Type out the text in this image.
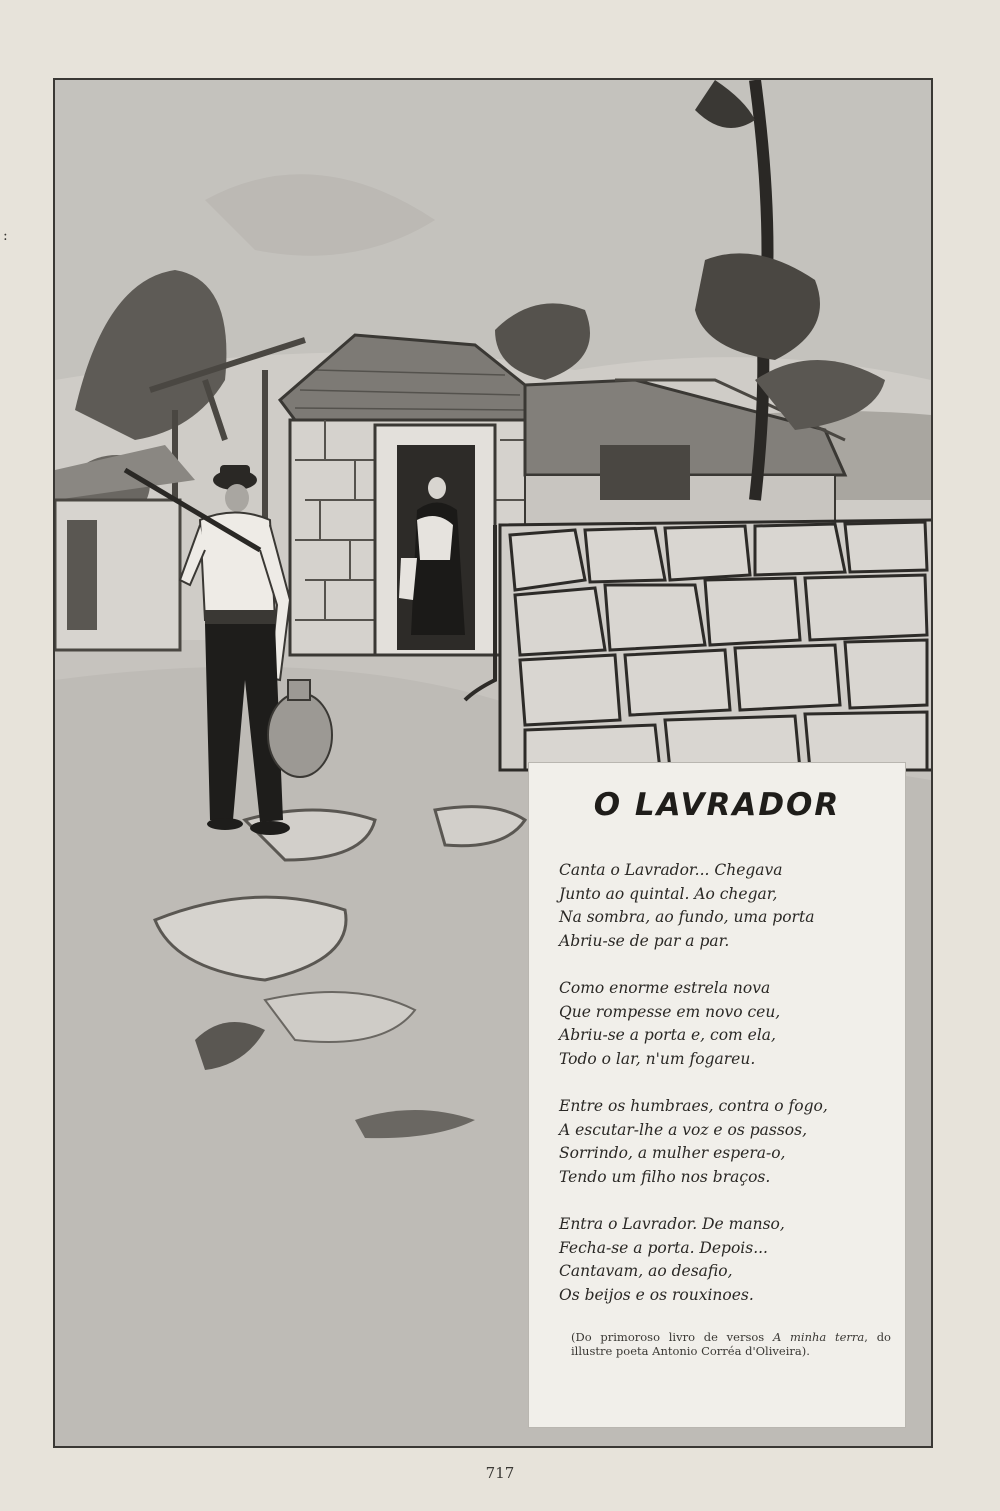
:
O LAVRADOR
Canta o Lavrador... Chegava
Junto ao quintal. Ao chegar,
Na sombra, ao fundo, uma porta
Abriu-se de par a par.
Como enorme estrela nova
Que rompesse em novo ceu,
Abriu-se a porta e, com ela,
Todo o lar, n'um fogareu.
Entre os humbraes, contra o fogo,
A escutar-lhe a voz e os passos,
Sorrindo, a mulher espera-o,
Tendo um filho nos braços.
Entra o Lavrador. De manso,
Fecha-se a porta. Depois...
Cantavam, ao desafio,
Os beijos e os rouxinoes.
(Do primoroso livro de versos A minha terra, do illustre poeta Antonio Corréa d'Oliveira).
717
